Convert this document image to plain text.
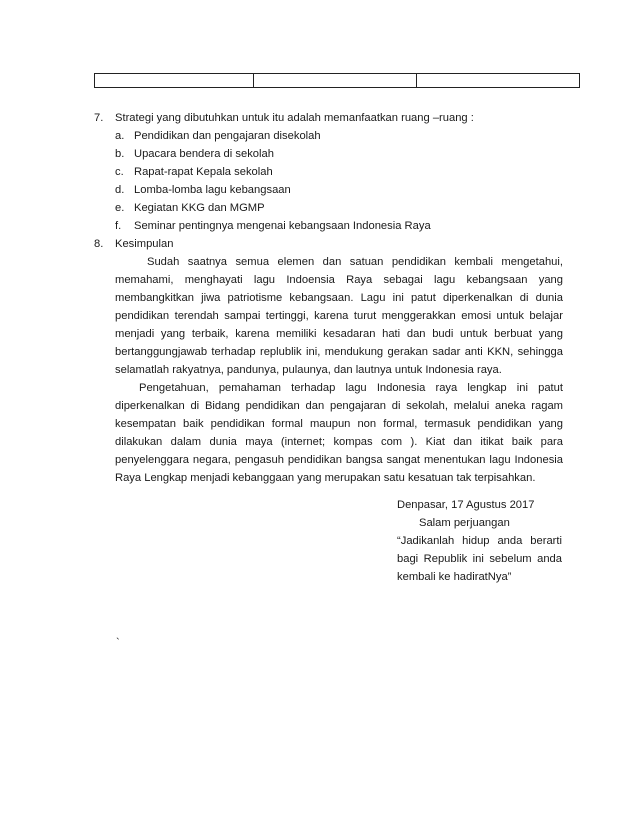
7. Strategi yang dibutuhkan untuk itu adalah memanfaatkan ruang –ruang :
a. Pendidikan dan pengajaran disekolah
b. Upacara bendera di sekolah
c. Rapat-rapat Kepala sekolah
d. Lomba-lomba lagu kebangsaan
e. Kegiatan KKG dan MGMP
f. Seminar pentingnya mengenai kebangsaan Indonesia Raya
8. Kesimpulan
Sudah saatnya semua elemen dan satuan pendidikan kembali mengetahui,
memahami, menghayati lagu Indoensia Raya sebagai lagu kebangsaan yang
membangkitkan jiwa patriotisme kebangsaan. Lagu ini patut diperkenalkan di dunia
pendidikan terendah sampai tertinggi, karena turut menggerakkan emosi untuk belajar
menjadi yang terbaik, karena memiliki kesadaran hati dan budi untuk berbuat yang
bertanggungjawab terhadap replublik ini, mendukung gerakan sadar anti KKN, sehingga
selamatlah rakyatnya, pandunya, pulaunya, dan lautnya untuk Indonesia raya.
Pengetahuan, pemahaman terhadap lagu Indonesia raya lengkap ini patut
diperkenalkan di Bidang pendidikan dan pengajaran di sekolah, melalui aneka ragam
kesempatan baik pendidikan formal maupun non formal, termasuk pendidikan yang
dilakukan dalam dunia maya (internet; kompas com ). Kiat dan itikat baik para
penyelenggara negara, pengasuh pendidikan bangsa sangat menentukan lagu Indonesia
Raya Lengkap menjadi kebanggaan yang merupakan satu kesatuan tak terpisahkan.
Denpasar, 17 Agustus 2017
Salam perjuangan
“Jadikanlah hidup anda berarti
bagi Republik ini sebelum anda
kembali ke hadiratNya”
`
